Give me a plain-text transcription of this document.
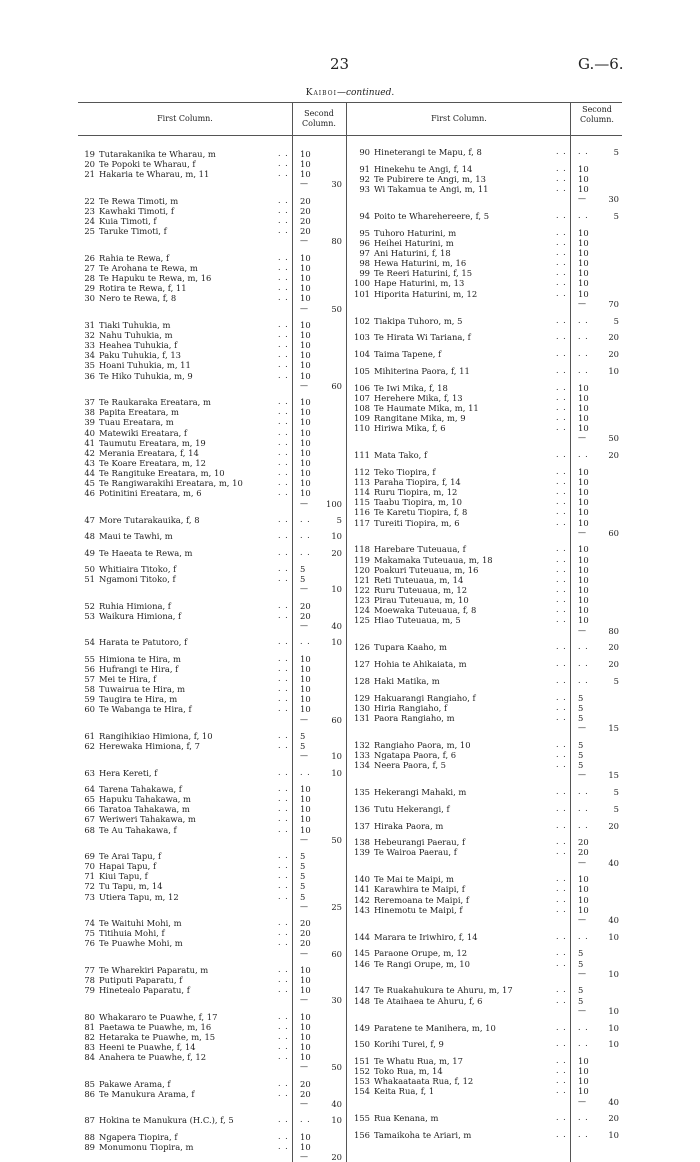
23	G.—6.
Kaiboi—continued.
First Column.
Second Column.
First Column.
Second Column.
19 Tutarakanika te Wharau, m	. . 10
20 Te Popoki te Wharau, f	. . 10
21 Hakaria te Wharau, m, 11	. . 10
—	30
22 Te Rewa Timoti, m	. . 20
23 Kawhaki Timoti, f	. . 20
24 Kuia Timoti, f	. . 20
25 Taruke Timoti, f	. . 20
—	80
26 Rahia te Rewa, f	. . 10
27 Te Arohana te Rewa, m	. . 10
28 Te Hapuku te Rewa, m, 16	. . 10
29 Rotira te Rewa, f, 11	. . 10
30 Nero te Rewa, f, 8	. . 10
—	50
31 Tiaki Tuhukia, m	. . 10
32 Nahu Tuhukia, m	. . 10
33 Heahea Tuhukia, f	. . 10
34 Paku Tuhukia, f, 13	. . 10
35 Hoani Tuhukia, m, 11	. . 10
36 Te Hiko Tuhukia, m, 9	. . 10
—	60
37 Te Raukaraka Ereatara, m	. . 10
38 Papita Ereatara, m	. . 10
39 Tuau Ereatara, m	. . 10
40 Matewiki Ereatara, f	. . 10
41 Taumutu Ereatara, m, 19	. . 10
42 Merania Ereatara, f, 14	. . 10
43 Te Koare Ereatara, m, 12	. . 10
44 Te Rangituke Ereatara, m, 10	. . 10
45 Te Rangiwarakihi Ereatara, m, 10	. . 10
46 Potinitini Ereatara, m, 6	. . 10
—	100
47 More Tutarakauika, f, 8	. . . .	5
48 Maui te Tawhi, m	. . . .	10
49 Te Haeata te Rewa, m	. . . .	20
50 Whitiaira Titoko, f	. . 5
51 Ngamoni Titoko, f	. . 5
—	10
52 Ruhia Himiona, f	. . 20
53 Waikura Himiona, f	. . 20
—	40
54 Harata te Patutoro, f	. . . .	10
55 Himiona te Hira, m	. . 10
56 Hufrangi te Hira, f	. . 10
57 Mei te Hira, f	. . 10
58 Tuwairua te Hira, m	. . 10
59 Taugira te Hira, m	. . 10
60 Te Wabanga te Hira, f	. . 10
—	60
61 Rangihikiao Himiona, f, 10	. . 5
62 Herewaka Himiona, f, 7	. . 5
—	10
63 Hera Kereti, f	. . . .	10
64 Tarena Tahakawa, f	. . 10
65 Hapuku Tahakawa, m	. . 10
66 Taratoa Tahakawa, m	. . 10
67 Weriweri Tahakawa, m	. . 10
68 Te Au Tahakawa, f	. . 10
—	50
69 Te Arai Tapu, f	. . 5
70 Hapai Tapu, f	. . 5
71 Kiui Tapu, f	. . 5
72 Tu Tapu, m, 14	. . 5
73 Utiera Tapu, m, 12	. . 5
—	25
74 Te Waituhi Mohi, m	. . 20
75 Titihuia Mohi, f	. . 20
76 Te Puawhe Mohi, m	. . 20
—	60
77 Te Wharekiri Paparatu, m	. . 10
78 Putiputi Paparatu, f	. . 10
79 Hinetealo Paparatu, f	. . 10
—	30
80 Whakararo te Puawhe, f, 17	. . 10
81 Paetawa te Puawhe, m, 16	. . 10
82 Hetaraka te Puawhe, m, 15	. . 10
83 Heeni te Puawhe, f, 14	. . 10
84 Anahera te Puawhe, f, 12	. . 10
—	50
85 Pakawe Arama, f	. . 20
86 Te Manukura Arama, f	. . 20
—	40
87 Hokina te Manukura (H.C.), f, 5	. . . .	10
88 Ngapera Tiopira, f	. . 10
89 Monumonu Tiopira, m	. . 10
—	20
90 Hineterangi te Mapu, f, 8	. . . .	5
91 Hinekehu te Angi, f, 14	. . 10
92 Te Pubirere te Angi, m, 13	. . 10
93 Wi Takamua te Angi, m, 11	. . 10
—	30
94 Poito te Wharehereere, f, 5	. . . .	5
95 Tuhoro Haturini, m	. . 10
96 Heihei Haturini, m	. . 10
97 Ani Haturini, f, 18	. . 10
98 Hewa Haturini, m, 16	. . 10
99 Te Reeri Haturini, f, 15	. . 10
100 Hape Haturini, m, 13	. . 10
101 Hiporita Haturini, m, 12	. . 10
—	70
102 Tiakipa Tuhoro, m, 5	. . . .	5
103 Te Hirata Wi Tariana, f	. . . .	20
104 Taima Tapene, f	. . . .	20
105 Mihiterina Paora, f, 11	. . . .	10
106 Te Iwi Mika, f, 18	. . 10
107 Herehere Mika, f, 13	. . 10
108 Te Haumate Mika, m, 11	. . 10
109 Rangitane Mika, m, 9	. . 10
110 Hiriwa Mika, f, 6	. . 10
—	50
111 Mata Tako, f	. . . .	20
112 Teko Tiopira, f	. . 10
113 Paraha Tiopira, f, 14	. . 10
114 Ruru Tiopira, m, 12	. . 10
115 Taabu Tiopira, m, 10	. . 10
116 Te Karetu Tiopira, f, 8	. . 10
117 Tureiti Tiopira, m, 6	. . 10
—	60
118 Harebare Tuteuaua, f	. . 10
119 Makamaka Tuteuaua, m, 18	. . 10
120 Poakuri Tuteuaua, m, 16	. . 10
121 Reti Tuteuaua, m, 14	. . 10
122 Ruru Tuteuaua, m, 12	. . 10
123 Pirau Tuteuaua, m, 10	. . 10
124 Moewaka Tuteuaua, f, 8	. . 10
125 Hiao Tuteuaua, m, 5	. . 10
—	80
126 Tupara Kaaho, m	. . . .	20
127 Hohia te Ahikaiata, m	. . . .	20
128 Haki Matika, m	. . . .	5
129 Hakuarangi Rangiaho, f	. . 5
130 Hiria Rangiaho, f	. . 5
131 Paora Rangiaho, m	. . 5
—	15
132 Rangiaho Paora, m, 10	. . 5
133 Ngatapa Paora, f, 6	. . 5
134 Neera Paora, f, 5	. . 5
—	15
135 Hekerangi Mahaki, m	. . . .	5
136 Tutu Hekerangi, f	. . . .	5
137 Hiraka Paora, m	. . . .	20
138 Hebeurangi Paerau, f	. . 20
139 Te Wairoa Paerau, f	. . 20
—	40
140 Te Mai te Maipi, m	. . 10
141 Karawhira te Maipi, f	. . 10
142 Reremoana te Maipi, f	. . 10
143 Hinemotu te Maipi, f	. . 10
—	40
144 Marara te Iriwhiro, f, 14	. . . .	10
145 Paraone Orupe, m, 12	. . 5
146 Te Rangi Orupe, m, 10	. . 5
—	10
147 Te Ruakahukura te Ahuru, m, 17	. . 5
148 Te Ataihaea te Ahuru, f, 6	. . 5
—	10
149 Paratene te Manihera, m, 10	. . . .	10
150 Korihi Turei, f, 9	. . . .	10
151 Te Whatu Rua, m, 17	. . 10
152 Toko Rua, m, 14	. . 10
153 Whakaataata Rua, f, 12	. . 10
154 Keita Rua, f, 1	. . 10
—	40
155 Rua Kenana, m	. . . .	20
156 Tamaikoha te Ariari, m	. . . .	10
